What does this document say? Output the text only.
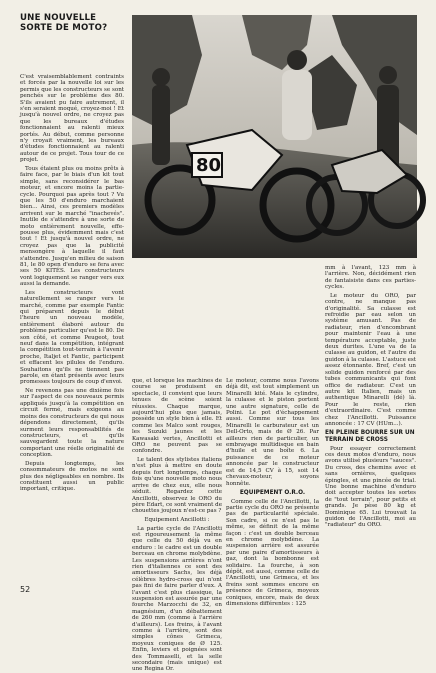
UNE NOUVELLE
SORTE DE MOTO?
80

C'est vraisemblablement contraints et forcés par la nouvelle loi sur les permis que les constructeurs se sont penchés sur le problème des 80. S'ils avaient pu faire autrement, il s'en seraient moqué, croyez-moi ! Et jusqu'à nouvel ordre, ne croyez pas que les bureaux d'études fonctionnaient au ralenti mieux portés. Au début, comme personne n'y croyait vraiment, les bureaux d'études fonctionnaient au ralenti autour de ce projet. Tous tour de ce projet.

Tous étaient plus ou moins prêts à faire face, par le biais d'un kit tout simple, sans reconsidérer le bas moteur, et encore moins la partie-cycle. Pourquoi pas après tout ? Vu que les 50 d'enduro marchaient bien... Ainsi, ces premiers modèles arrivent sur le marché "inachevés". Inutile de s'attendre à une sorte de moto entièrement nouvelle, effe-pousse plus, évidemment mais c'est tout ! Et jusqu'à nouvel ordre, ne croyez pas que la publicité mensongère à laquelle il faut s'attendre. Jusqu'en milieu de saison 81, le 80 open d'enduro se fera avec ses 50 KITÉS. Les constructeurs vont logiquement se ranger vers eux aussi la demande.

Les constructeurs vont naturellement se ranger vers le marché, comme par exemple Fantic qui préparent depuis le début l'heure un nouveau modèle, entièrement élaboré autour du problème particulier qu'est le 80. De son côté, et comme Peugeot, tout neuf dans la compétition, intégrant la compétition tout-terrain à l'avenir proche, Italjet et Fantic, participent et effacent les pilules de l'enduro. Souhaitons qu'ils ne tiennent pas parole, en étant présents avec leurs promesses toujours de coup d'envoi.

Ne revenons pas une dixième fois sur l'aspect de ces nouveaux permis appliqués jusqu'à la compétition en circuit fermé, mais exigeons au moins des constructeurs de qui nous dépendons directement, qu'ils surment leurs responsabilités de constructeurs, et qu'ils sauvegardent toute la nature comportant une réelle originalité de conception.

Depuis longtemps, les consommateurs de motos ne sont plus des négligeables en nombre. Ils constituent aussi un public important, critique.

que, et lorsque les machines de course se produisent en spectacle, il convient que leurs tenues de scène soient réussies. Chaque marque, aujourd'hui plus que jamais, possède un style bien à elle. Et comme les Malco sont rouges, les Suzuki jaunes et les Kawasaki vertes, Ancillotti et ORO ne peuvent pas se confondre.

Le talent des stylistes italiens n'est plus à mettre en doute depuis fort longtemps, chaque fois qu'une nouvelle moto nous arrive de chez eux, elle nous séduit. Regardez cette Ancillotti, observez le ORO du père Edart, ce sont vraiment de chouettes joujoux n'est-ce pas ?

Equipement Ancillotti :

La partie cycle de l'Ancillotti est rigoureusement la même que celle du 50 déjà vu en enduro : le cadre est un double berceau en chrome molybdène. Les suspensions arrières n'ont rien d'italiennes ce sont des amortisseurs Sachs, les déjà célèbres hydro-cross qui n'ont pas fini de faire parler d'eux. A l'avant c'est plus classique, la suspension est assurée par une fourche Marzocchi de 32, en magnésium, d'un débattement de 260 mm (comme à l'arrière d'ailleurs). Les freins, à l'avant comme à l'arrière, sont des simples cônes Grimeca, moyeux coniques de Ø 125. Enfin, leviers et poignées sont des Tommaselli, et la selle secondaire (mais unique) est une Regina Or.

Le moteur, comme nous l'avons déjà dit, est tout simplement un Minarelli kité. Mais le cylindre, la culasse et le piston portent une autre signature, celle de Polini. Le pot d'échappement aussi. Comme sur tous les Minarelli le carburateur est un Dell-Orto, mais de Ø 26. Par ailleurs rien de particulier, un embrayage multidisque en bain d'huile et une boîte 6. La puissance de ce moteur annoncée par le constructeur est de 14,5 CV à 15, soit 14 chevaux-moteur, soyons honnête.

EQUIPEMENT O.R.O.

Comme celle de l'Ancillotti, la partie cycle du ORO ne présente pas de particularité spéciale. Son cadre, si ce n'est pas le même, se définit de la même façon : c'est un double berceau en chrome molybdène. La suspension arrière est assurée par une paire d'amortisseurs à gaz, dont la bombonne est solidaire. La fourche, à son dépôt, est aussi, comme celle de l'Ancillotti, une Grimeca, et les freins sont sommes encore en présence de Grimeca, moyeux coniques, encore, mais de deux dimensions différentes : 125

mm à l'avant, 123 mm à l'arrière. Non, décidément rien de fantaisiste dans ces parties-cycles.

Le moteur du ORO, par contre, ne manque pas d'originalité. Sa culasse est refroidie par eau selon un système amusant. Pas de radiateur, rien d'encombrant pour maintenir l'eau à une température acceptable, juste deux durites. L'une va de la culasse au guidon, et l'autre du guidon à la culasse. L'astuce est assez étonnante. Bref, c'est un solide guidon renforcé par des tubes communicants qui font office de radiateur. C'est un autre kit Italien, mais un authentique Minarelli (dé) là. Pour le reste, rien d'extraordinaire. C'est comme chez l'Ancillotti. Puissance annoncée : 17 CV (HUm...).

EN PLEINE BOURRE SUR UN TERRAIN DE CROSS

Pour essayer correctement ces deux motos d'enduro, nous avons utilisé plusieurs "sauces". Du cross, des chemins avec et sans ornières, quelques épingles, et une pincée de trial. Une bonne machine d'enduro doit accepter toutes les sortes de "tout terrain", pour petits et grands. Je pèse 80 kg et Dominique 65. Lui trouvait la guidon de l'Ancillotti, moi au "radiateur" du ORO.

52
